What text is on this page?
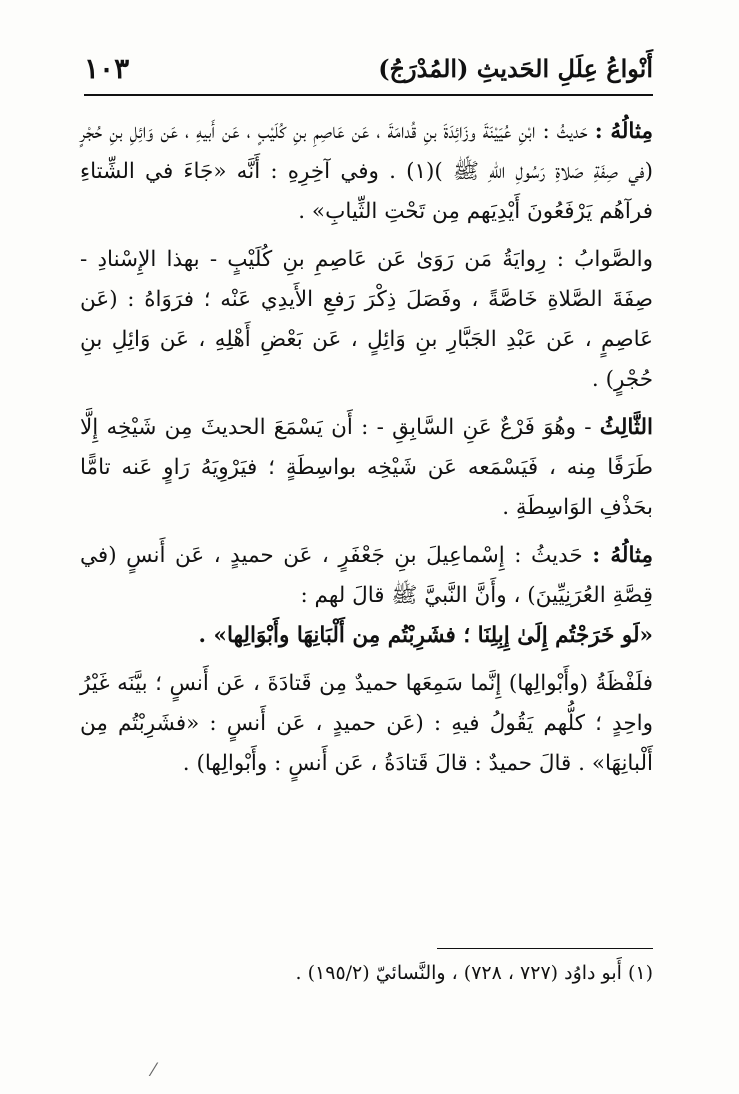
١٠٣	أَنْواعُ عِلَلِ الحَديثِ (المُدْرَجُ)

مِثالُهُ : حَديثُ : ابْنِ عُيَيْنَةَ وزَائِدَةَ بنِ قُدامَةَ ، عَن عَاصِمِ بنِ كُلَيْبٍ ، عَن أَبيهِ ، عَن وَائِلِ بنِ حُجْرٍ (في صِفَةِ صَلاةِ رَسُولِ اللهِ ﷺ )(١) . وفي آخِرِهِ : أَنَّه «جَاءَ في الشِّتاءِ فرآهُم يَرْفَعُونَ أَيْدِيَهم مِن تَحْتِ الثِّيابِ» .

والصَّوابُ : رِوايَةُ مَن رَوَىٰ عَن عَاصِمِ بنِ كُلَيْبٍ - بهذا الإِسْنادِ - صِفَةَ الصَّلاةِ خَاصَّةً ، وفَصَلَ ذِكْرَ رَفعِ الأَيدِي عَنْه ؛ فرَوَاهُ : (عَن عَاصِمٍ ، عَن عَبْدِ الجَبَّارِ بنِ وَائِلٍ ، عَن بَعْضِ أَهْلِهِ ، عَن وَائِلِ بنِ حُجْرٍ) .

الثَّالِثُ - وهُوَ فَرْعٌ عَنِ السَّابِقِ - : أَن يَسْمَعَ الحديثَ مِن شَيْخِه إِلَّا طَرَفًا مِنه ، فَيَسْمَعه عَن شَيْخِه بواسِطَةٍ ؛ فيَرْوِيَهُ رَاوٍ عَنه تامًّا بحَذْفِ الوَاسِطَةِ .

مِثالُهُ : حَديثُ : إِسْماعِيلَ بنِ جَعْفَرٍ ، عَن حميدٍ ، عَن أَنسٍ (في قِصَّةِ العُرَنِيِّينَ) ، وأَنَّ النَّبيَّ ﷺ قالَ لهم :
«لَو خَرَجْتُم إِلَىٰ إِبِلِنَا ؛ فشَرِبْتُم مِن أَلْبَانِهَا وأَبْوَالِها» .

فلَفْظَةُ (وأَبْوالِها) إِنَّما سَمِعَها حميدٌ مِن قَتادَةَ ، عَن أَنسٍ ؛ بيَّنَه غَيْرُ واحِدٍ ؛ كلُّهم يَقُولُ فيهِ : (عَن حميدٍ ، عَن أَنسٍ : «فشَرِبْتُم مِن أَلْبانِهَا» . قالَ حميدٌ : قالَ قَتادَةُ ، عَن أَنسٍ : وأَبْوالِها) .

(١) أَبو داوُد (٧٢٧ ، ٧٢٨) ، والنَّسائيّ (١٩٥/٢) .
⁄
